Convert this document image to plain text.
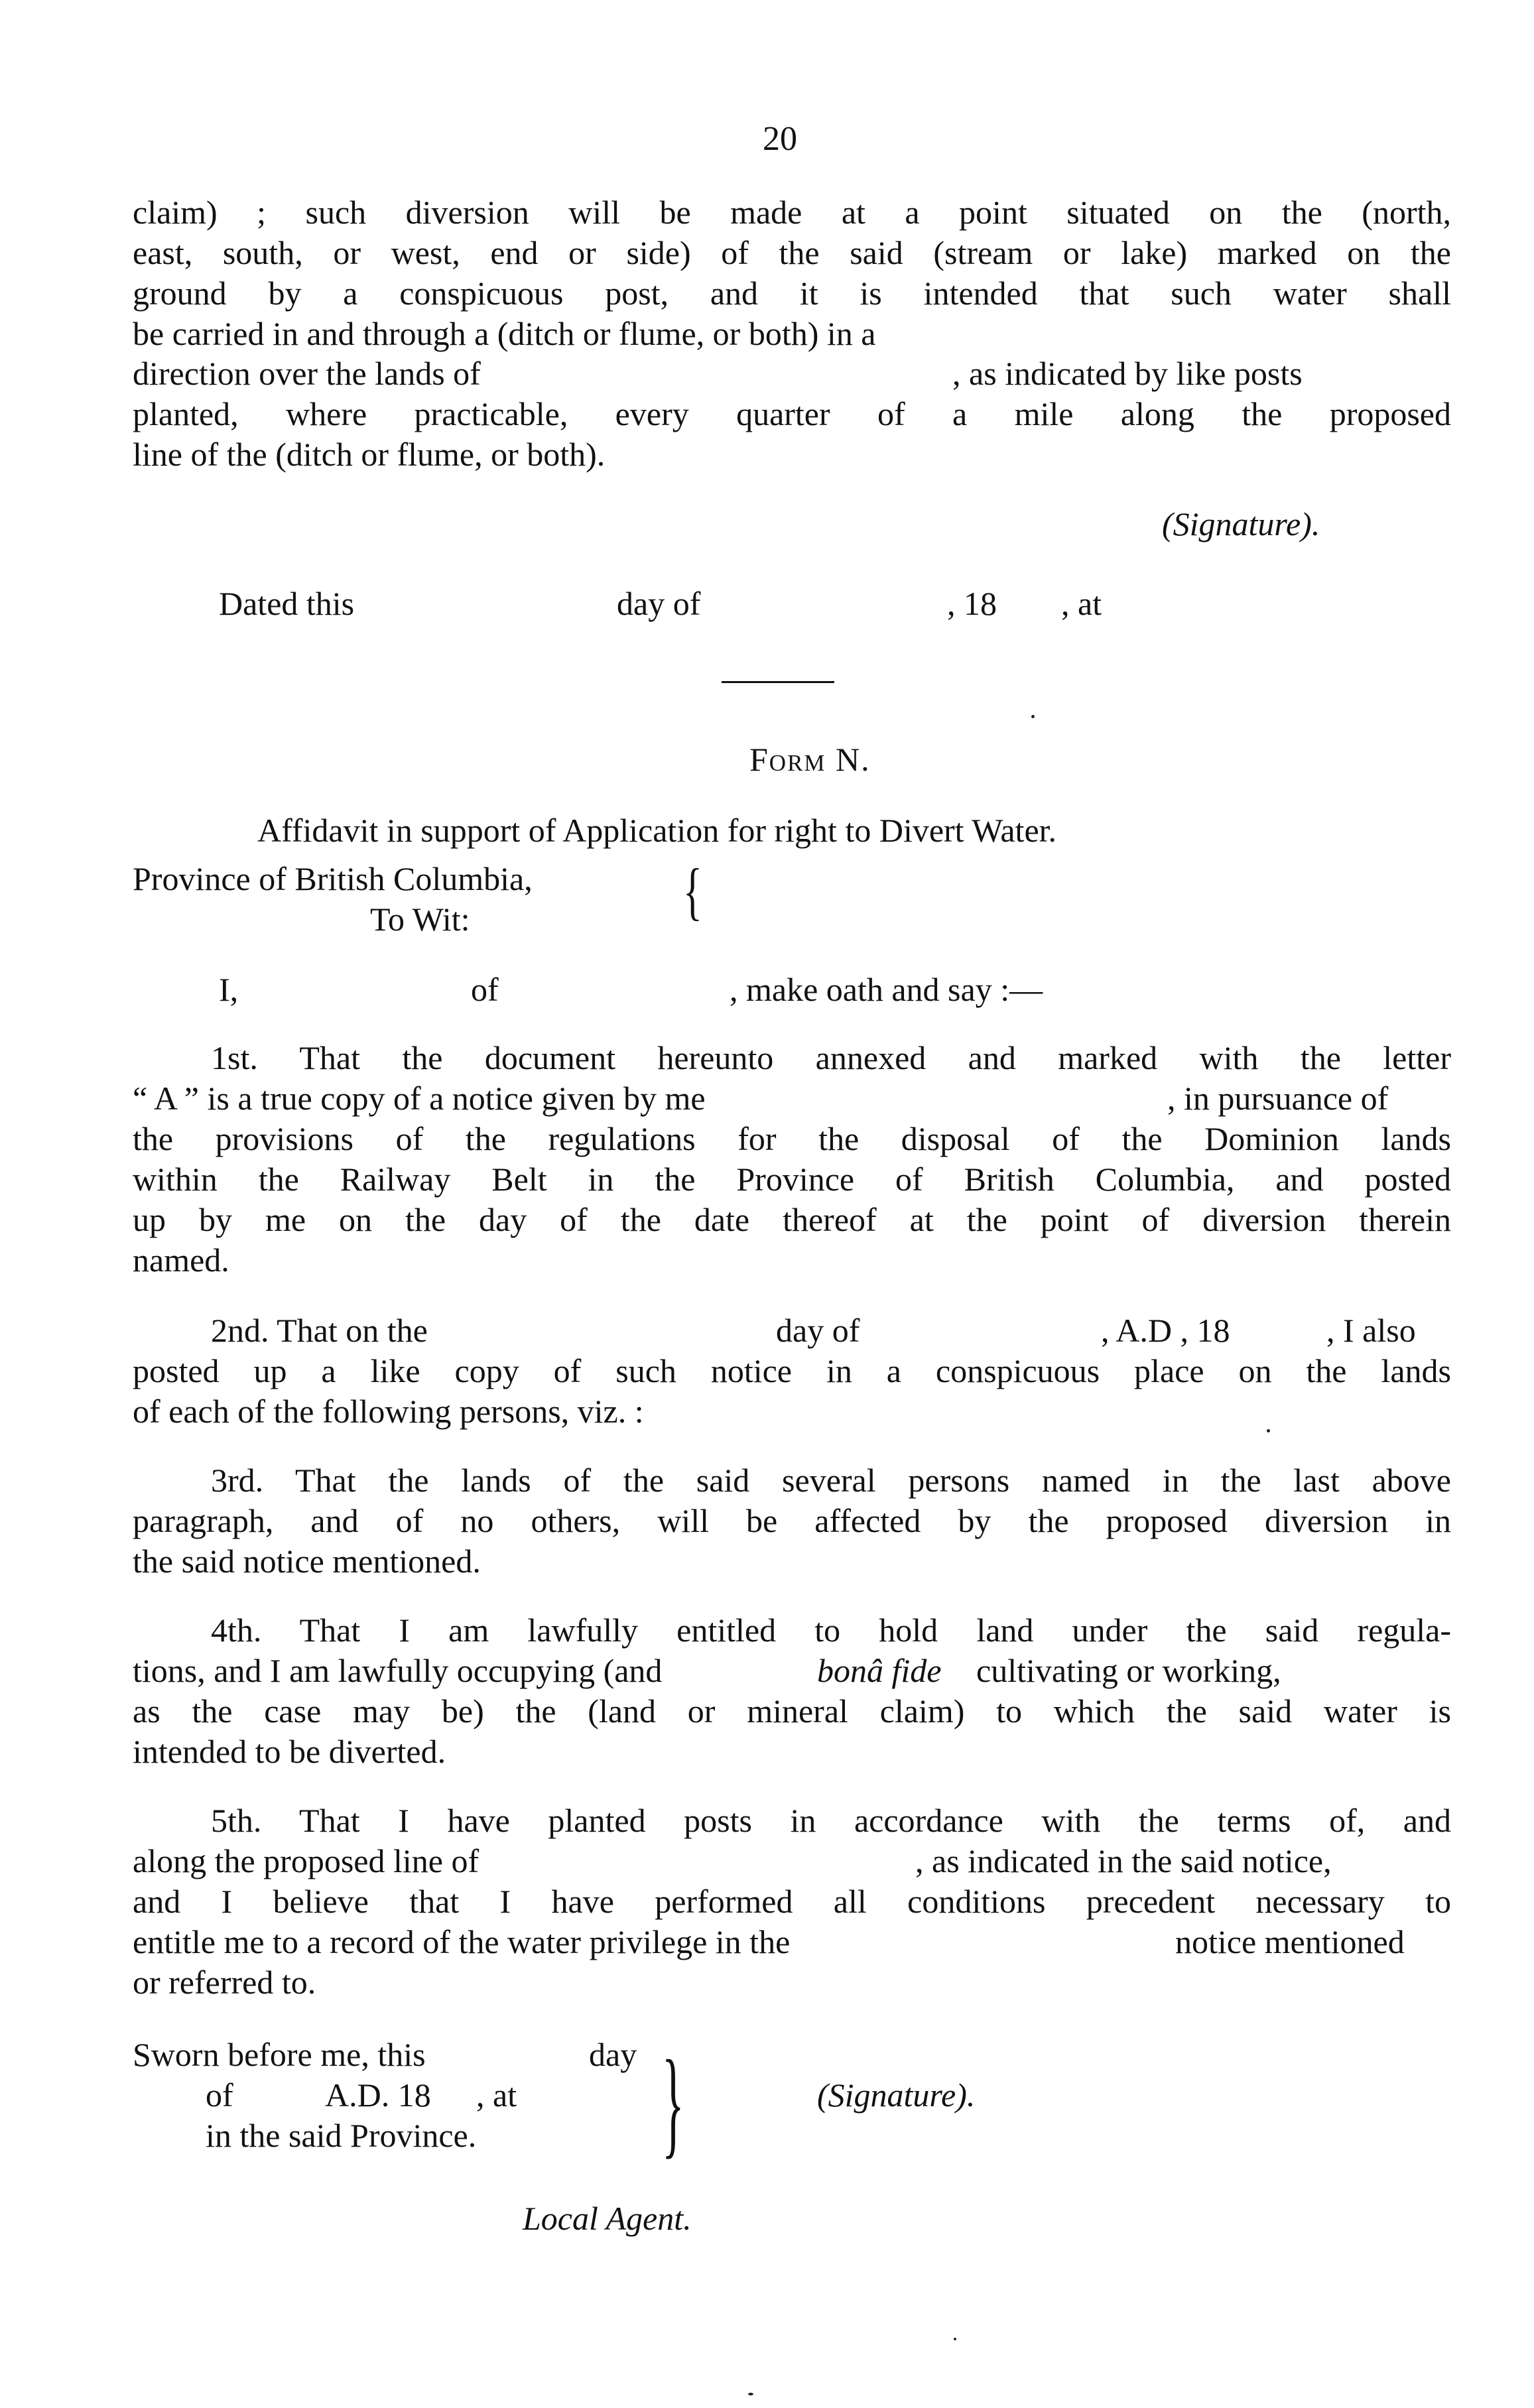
20
claim) ; such diversion will be made at a point situated on the (north,
east, south, or west, end or side) of the said (stream or lake) marked on the
ground by a conspicuous post, and it is intended that such water shall
be carried in and through a (ditch or flume, or both) in a
direction over the lands of	, as indicated by like posts
planted, where practicable, every quarter of a mile along the proposed
line of the (ditch or flume, or both).
(Signature).
Dated this	day of	, 18 , at
Form N.
Affidavit in support of Application for right to Divert Water.
Province of British Columbia,
To Wit:	{
I,	of	, make oath and say :—
1st. That the document hereunto annexed and marked with the letter
“ A ” is a true copy of a notice given by me	, in pursuance of
the provisions of the regulations for the disposal of the Dominion lands
within the Railway Belt in the Province of British Columbia, and posted
up by me on the day of the date thereof at the point of diversion therein
named.
2nd. That on the	day of	, A.D , 18	, I also
posted up a like copy of such notice in a conspicuous place on the lands
of each of the following persons, viz. :
3rd. That the lands of the said several persons named in the last above
paragraph, and of no others, will be affected by the proposed diversion in
the said notice mentioned.
4th. That I am lawfully entitled to hold land under the said regula-
tions, and I am lawfully occupying (and	bonâ fide cultivating or working,
as the case may be) the (land or mineral claim) to which the said water is
intended to be diverted.
5th. That I have planted posts in accordance with the terms of, and
along the proposed line of	, as indicated in the said notice,
and I believe that I have performed all conditions precedent necessary to
entitle me to a record of the water privilege in the	notice mentioned
or referred to.
Sworn before me, this	day
of	A.D. 18 , at
in the said Province.	}	(Signature).
Local Agent.
